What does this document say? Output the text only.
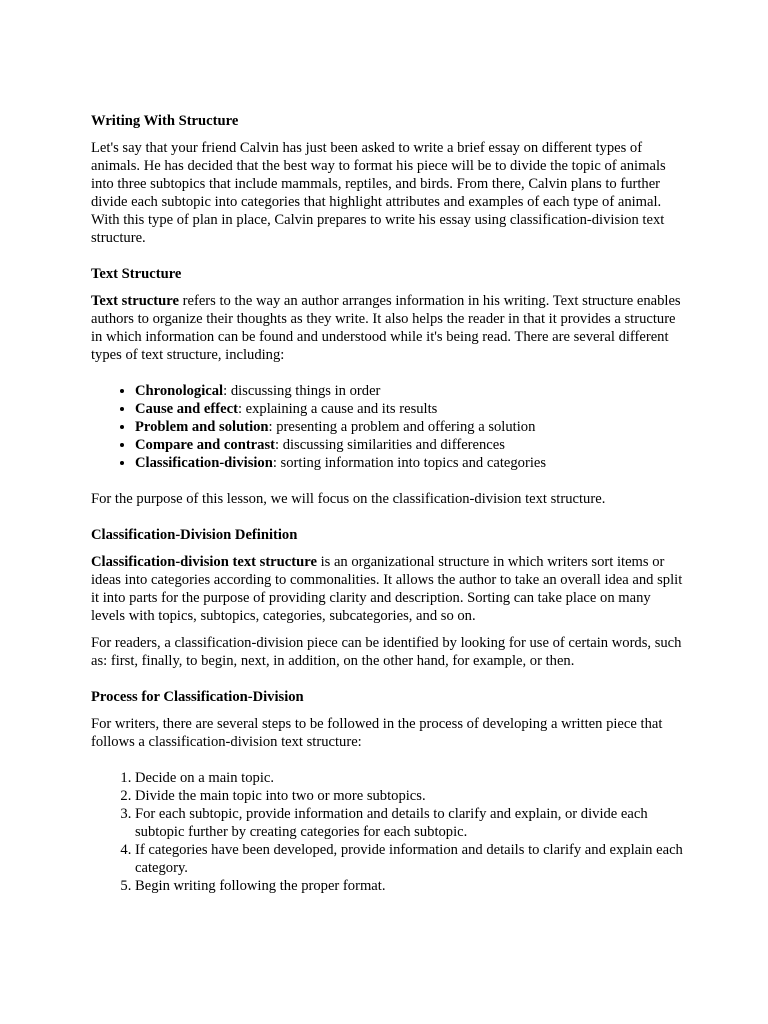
Writing With Structure

Let's say that your friend Calvin has just been asked to write a brief essay on different types of animals. He has decided that the best way to format his piece will be to divide the topic of animals into three subtopics that include mammals, reptiles, and birds. From there, Calvin plans to further divide each subtopic into categories that highlight attributes and examples of each type of animal. With this type of plan in place, Calvin prepares to write his essay using classification-division text structure.

Text Structure

Text structure refers to the way an author arranges information in his writing. Text structure enables authors to organize their thoughts as they write. It also helps the reader in that it provides a structure in which information can be found and understood while it's being read. There are several different types of text structure, including:

• Chronological: discussing things in order
• Cause and effect: explaining a cause and its results
• Problem and solution: presenting a problem and offering a solution
• Compare and contrast: discussing similarities and differences
• Classification-division: sorting information into topics and categories

For the purpose of this lesson, we will focus on the classification-division text structure.

Classification-Division Definition

Classification-division text structure is an organizational structure in which writers sort items or ideas into categories according to commonalities. It allows the author to take an overall idea and split it into parts for the purpose of providing clarity and description. Sorting can take place on many levels with topics, subtopics, categories, subcategories, and so on.

For readers, a classification-division piece can be identified by looking for use of certain words, such as: first, finally, to begin, next, in addition, on the other hand, for example, or then.

Process for Classification-Division

For writers, there are several steps to be followed in the process of developing a written piece that follows a classification-division text structure:

1. Decide on a main topic.
2. Divide the main topic into two or more subtopics.
3. For each subtopic, provide information and details to clarify and explain, or divide each subtopic further by creating categories for each subtopic.
4. If categories have been developed, provide information and details to clarify and explain each category.
5. Begin writing following the proper format.
